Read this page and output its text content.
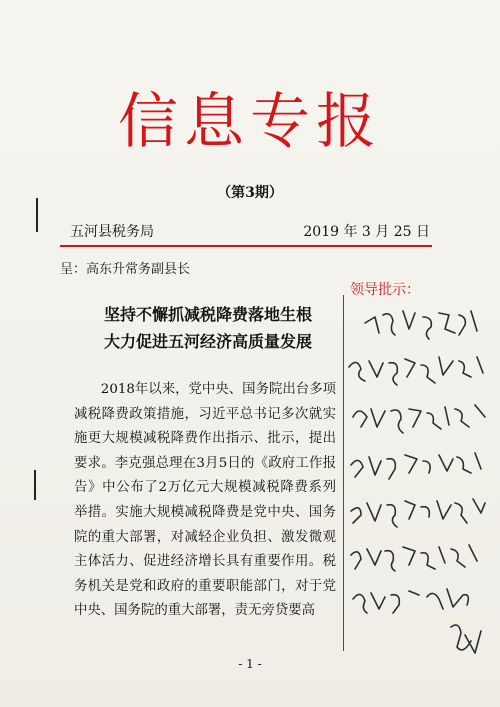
信息专报
（第3期）
五河县税务局	2019 年 3 月 25 日
呈：高东升常务副县长
领导批示：
坚持不懈抓减税降费落地生根
大力促进五河经济高质量发展

2018年以来，党中央、国务院出台多项减税降费政策措施，习近平总书记多次就实施更大规模减税降费作出指示、批示，提出要求。李克强总理在3月5日的《政府工作报告》中公布了2万亿元大规模减税降费系列举措。实施大规模减税降费是党中央、国务院的重大部署，对减轻企业负担、激发微观主体活力、促进经济增长具有重要作用。税务机关是党和政府的重要职能部门，对于党中央、国务院的重大部署，责无旁贷要高

- 1 -
